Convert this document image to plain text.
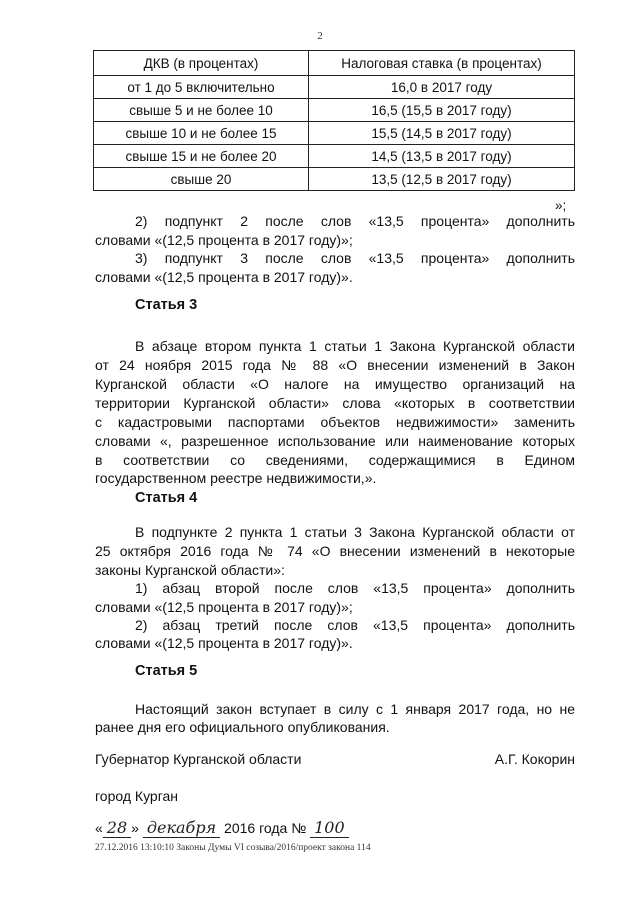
2
ДКВ (в процентах)	Налоговая ставка (в процентах)
от 1 до 5 включительно	16,0 в 2017 году
свыше 5 и не более 10	16,5 (15,5 в 2017 году)
свыше 10 и не более 15	15,5 (14,5 в 2017 году)
свыше 15 и не более 20	14,5 (13,5 в 2017 году)
свыше 20	13,5 (12,5 в 2017 году)
»;
2) подпункт 2 после слов «13,5 процента» дополнить
словами «(12,5 процента в 2017 году)»;
3) подпункт 3 после слов «13,5 процента» дополнить
словами «(12,5 процента в 2017 году)».
Статья 3
В абзаце втором пункта 1 статьи 1 Закона Курганской области
от 24 ноября 2015 года № 88 «О внесении изменений в Закон
Курганской области «О налоге на имущество организаций на
территории Курганской области» слова «которых в соответствии
с кадастровыми паспортами объектов недвижимости» заменить
словами «, разрешенное использование или наименование которых
в соответствии со сведениями, содержащимися в Едином
государственном реестре недвижимости,».
Статья 4
В подпункте 2 пункта 1 статьи 3 Закона Курганской области от
25 октября 2016 года № 74 «О внесении изменений в некоторые
законы Курганской области»:
1) абзац второй после слов «13,5 процента» дополнить
словами «(12,5 процента в 2017 году)»;
2) абзац третий после слов «13,5 процента» дополнить
словами «(12,5 процента в 2017 году)».
Статья 5
Настоящий закон вступает в силу с 1 января 2017 года, но не
ранее дня его официального опубликования.
Губернатор Курганской области	А.Г. Кокорин
город Курган
« 28 » декабря 2016 года № 100
27.12.2016 13:10:10 Законы Думы VI созыва/2016/проект закона 114
